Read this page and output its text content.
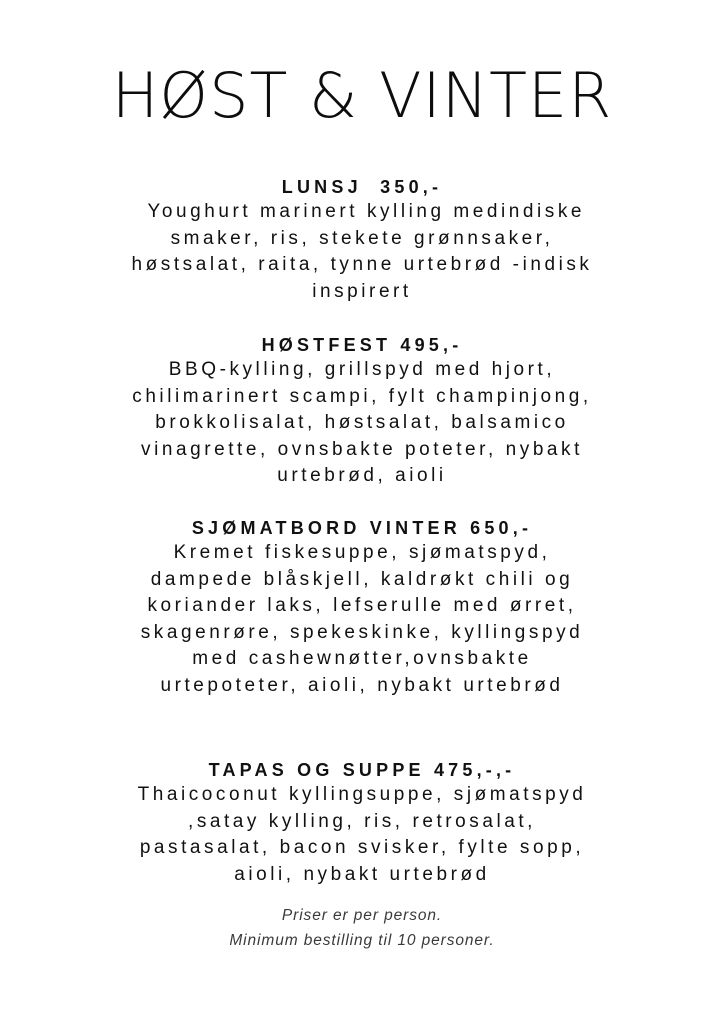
HØST & VINTER
LUNSJ  350,-
Youghurt marinert kylling medindiske
smaker, ris, stekete grønnsaker,
høstsalat, raita, tynne urtebrød -indisk
inspirert
HØSTFEST 495,-
BBQ-kylling, grillspyd med hjort,
chilimarinert scampi, fylt champinjong,
brokkolisalat, høstsalat, balsamico
vinagrette, ovnsbakte poteter, nybakt
urtebrød, aioli
SJØMATBORD VINTER 650,-
Kremet fiskesuppe, sjømatspyd,
dampede blåskjell, kaldrøkt chili og
koriander laks, lefserulle med ørret,
skagenrøre, spekeskinke, kyllingspyd
med cashewnøtter,ovnsbakte
urtepoteter, aioli, nybakt urtebrød
TAPAS OG SUPPE 475,-,-
Thaicoconut kyllingsuppe, sjømatspyd
,satay kylling, ris, retrosalat,
pastasalat, bacon svisker, fylte sopp,
aioli, nybakt urtebrød
Priser er per person.
Minimum bestilling til 10 personer.
